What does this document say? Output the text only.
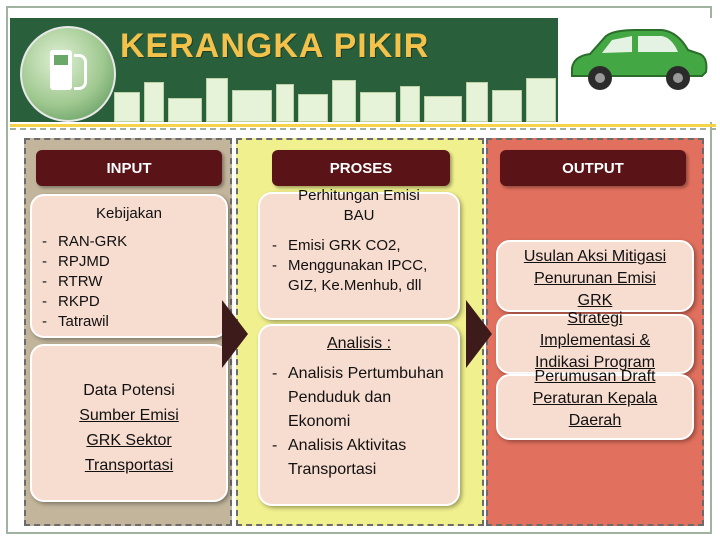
KERANGKA PIKIR
INPUT
Kebijakan
- RAN-GRK
- RPJMD
- RTRW
- RKPD
- Tatrawil
Data Potensi
Sumber Emisi
GRK Sektor
Transportasi
PROSES
Perhitungan Emisi
BAU
- Emisi GRK CO2,
- Menggunakan IPCC, GIZ, Ke.Menhub, dll
Analisis :
- Analisis Pertumbuhan Penduduk dan Ekonomi
- Analisis Aktivitas Transportasi
OUTPUT
Usulan Aksi Mitigasi
Penurunan Emisi
GRK
Strategi
Implementasi &
Indikasi Program
Perumusan Draft
Peraturan Kepala
Daerah
